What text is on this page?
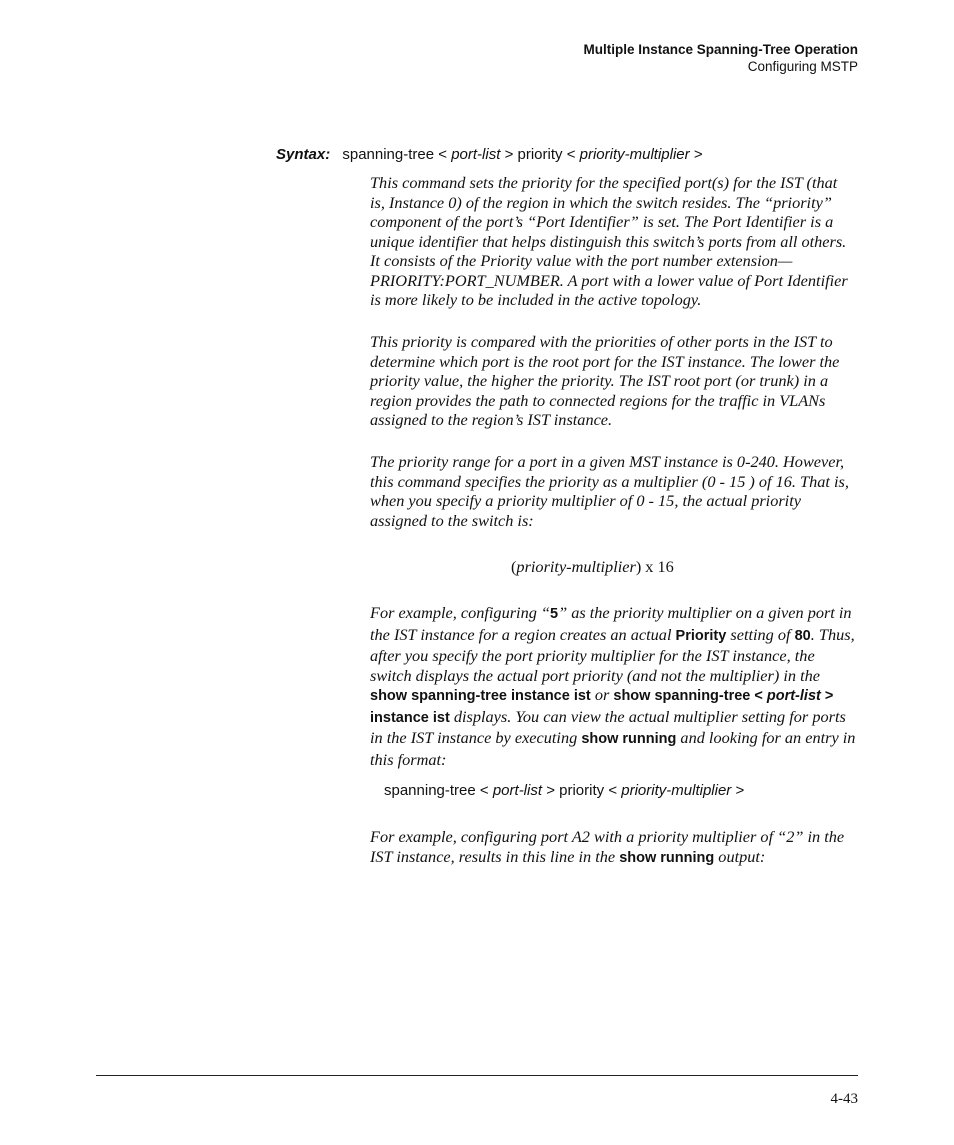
Multiple Instance Spanning-Tree Operation
Configuring MSTP
Syntax: spanning-tree < port-list > priority < priority-multiplier >
This command sets the priority for the specified port(s) for the IST (that is, Instance 0) of the region in which the switch resides. The “priority” component of the port’s “Port Identifier” is set. The Port Identifier is a unique identifier that helps distinguish this switch’s ports from all others. It consists of the Priority value with the port number extension—PRIORITY:PORT_NUMBER. A port with a lower value of Port Identifier is more likely to be included in the active topology.
This priority is compared with the priorities of other ports in the IST to determine which port is the root port for the IST instance. The lower the priority value, the higher the priority. The IST root port (or trunk) in a region provides the path to connected regions for the traffic in VLANs assigned to the region’s IST instance.
The priority range for a port in a given MST instance is 0-240. However, this command specifies the priority as a multiplier (0 - 15 ) of 16. That is, when you specify a priority multiplier of 0 - 15, the actual priority assigned to the switch is:
(priority-multiplier) x 16
For example, configuring “5” as the priority multiplier on a given port in the IST instance for a region creates an actual Priority setting of 80. Thus, after you specify the port priority multiplier for the IST instance, the switch displays the actual port priority (and not the multiplier) in the show spanning-tree instance ist or show spanning-tree < port-list > instance ist displays. You can view the actual multiplier setting for ports in the IST instance by executing show running and looking for an entry in this format:
spanning-tree < port-list > priority < priority-multiplier >
For example, configuring port A2 with a priority multiplier of “2” in the IST instance, results in this line in the show running output:
4-43
